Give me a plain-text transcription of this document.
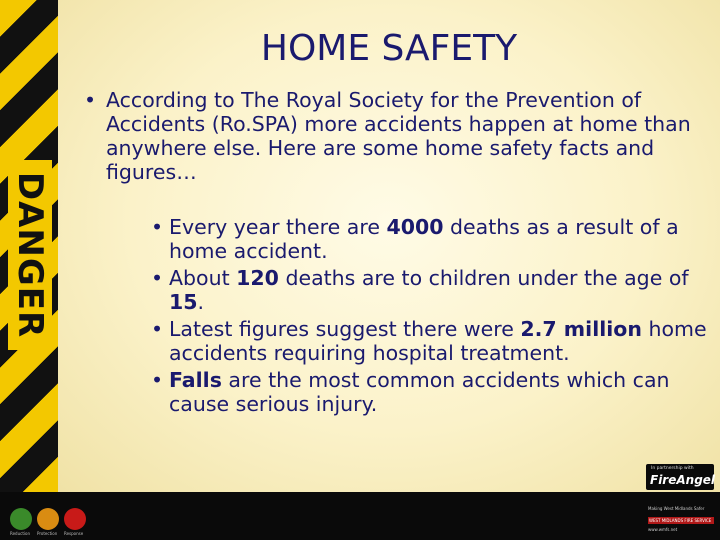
DANGER
HOME SAFETY
• According to The Royal Society for the Prevention of Accidents (Ro.SPA) more accidents happen at home than anywhere else. Here are some home safety facts and figures…
• Every year there are 4000 deaths as a result of a home accident.
• About 120 deaths are to children under the age of 15.
• Latest figures suggest there were 2.7 million home accidents requiring hospital treatment.
• Falls are the most common accidents which can cause serious injury.
In partnership with
FireAngel
Reduction Protection Response
Making West Midlands Safer
WEST MIDLANDS FIRE SERVICE
www.wmfs.net
